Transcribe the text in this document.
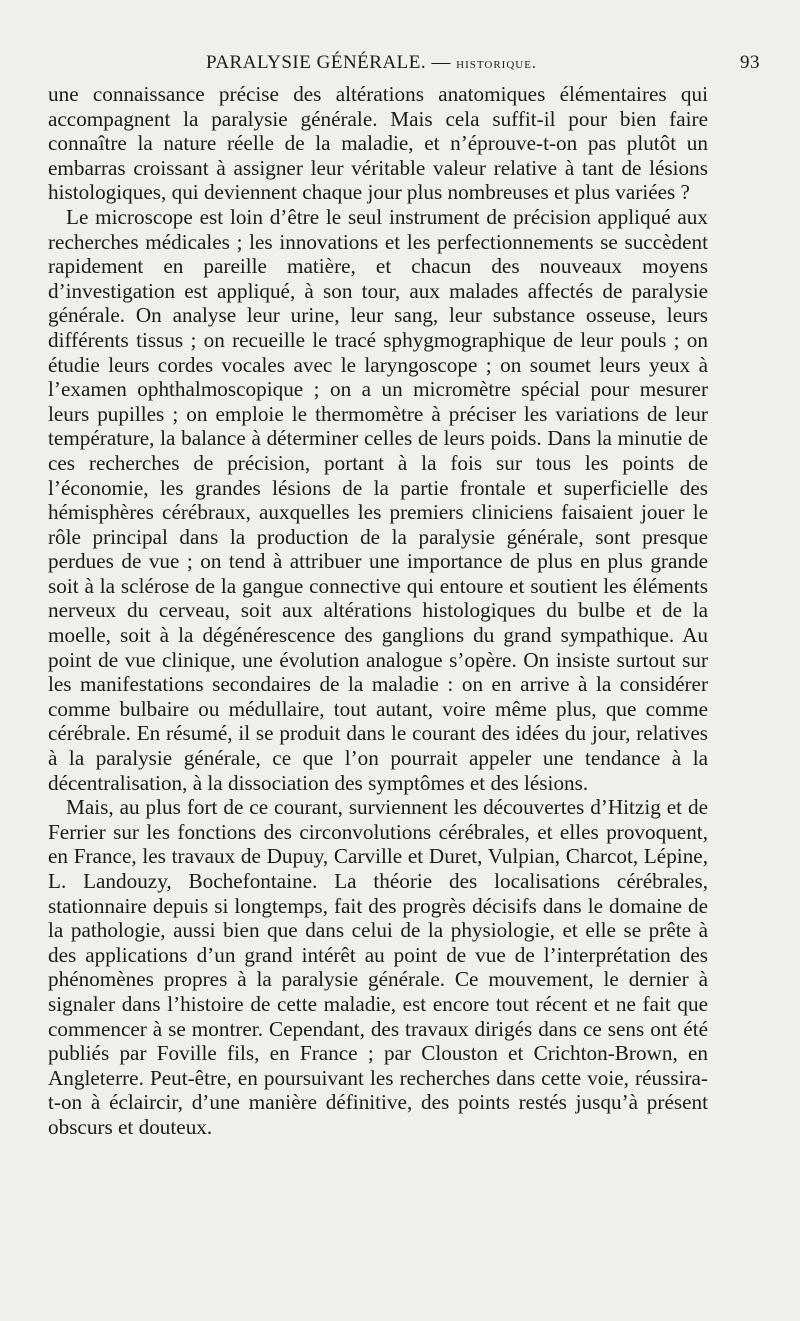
PARALYSIE GÉNÉRALE. — historique.	93

une connaissance précise des altérations anatomiques élémentaires qui accompagnent la paralysie générale. Mais cela suffit-il pour bien faire connaître la nature réelle de la maladie, et n’éprouve-t-on pas plutôt un embarras croissant à assigner leur véritable valeur relative à tant de lésions histologiques, qui deviennent chaque jour plus nombreuses et plus variées ?

Le microscope est loin d’être le seul instrument de précision appliqué aux recherches médicales ; les innovations et les perfectionnements se succèdent rapidement en pareille matière, et chacun des nouveaux moyens d’investigation est appliqué, à son tour, aux malades affectés de paralysie générale. On analyse leur urine, leur sang, leur substance osseuse, leurs différents tissus ; on recueille le tracé sphygmographique de leur pouls ; on étudie leurs cordes vocales avec le laryngoscope ; on soumet leurs yeux à l’examen ophthalmoscopique ; on a un micromètre spécial pour mesurer leurs pupilles ; on emploie le thermomètre à préciser les variations de leur température, la balance à déterminer celles de leurs poids. Dans la minutie de ces recherches de précision, portant à la fois sur tous les points de l’économie, les grandes lésions de la partie frontale et superficielle des hémisphères cérébraux, auxquelles les premiers cliniciens faisaient jouer le rôle principal dans la production de la paralysie générale, sont presque perdues de vue ; on tend à attribuer une importance de plus en plus grande soit à la sclérose de la gangue connective qui entoure et soutient les éléments nerveux du cerveau, soit aux altérations histologiques du bulbe et de la moelle, soit à la dégénérescence des ganglions du grand sympathique. Au point de vue clinique, une évolution analogue s’opère. On insiste surtout sur les manifestations secondaires de la maladie : on en arrive à la considérer comme bulbaire ou médullaire, tout autant, voire même plus, que comme cérébrale. En résumé, il se produit dans le courant des idées du jour, relatives à la paralysie générale, ce que l’on pourrait appeler une tendance à la décentralisation, à la dissociation des symptômes et des lésions.

Mais, au plus fort de ce courant, surviennent les découvertes d’Hitzig et de Ferrier sur les fonctions des circonvolutions cérébrales, et elles provoquent, en France, les travaux de Dupuy, Carville et Duret, Vulpian, Charcot, Lépine, L. Landouzy, Bochefontaine. La théorie des localisations cérébrales, stationnaire depuis si longtemps, fait des progrès décisifs dans le domaine de la pathologie, aussi bien que dans celui de la physiologie, et elle se prête à des applications d’un grand intérêt au point de vue de l’interprétation des phénomènes propres à la paralysie générale. Ce mouvement, le dernier à signaler dans l’histoire de cette maladie, est encore tout récent et ne fait que commencer à se montrer. Cependant, des travaux dirigés dans ce sens ont été publiés par Foville fils, en France ; par Clouston et Crichton-Brown, en Angleterre. Peut-être, en poursuivant les recherches dans cette voie, réussira-t-on à éclaircir, d’une manière définitive, des points restés jusqu’à présent obscurs et douteux.
